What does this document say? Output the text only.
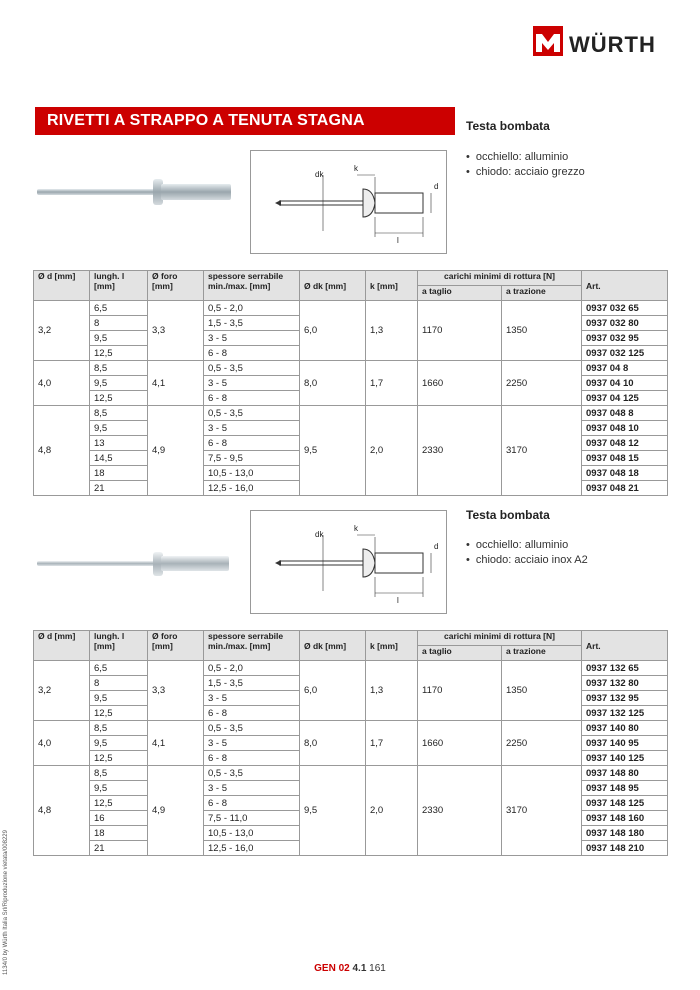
WÜRTH
RIVETTI A STRAPPO A TENUTA STAGNA	Testa bombata
• occhiello: alluminio
• chiodo: acciaio grezzo
dk
k
d
l
Ø d [mm]	lungh. l [mm]	Ø foro [mm]	spessore serrabile min./max. [mm]	Ø dk [mm]	k [mm]	carichi minimi di rottura [N]		Art.
						a taglio	a trazione	
3,2	6,5	3,3	0,5 - 2,0	6,0	1,3	1170	1350	0937 032 65
	8		1,5 - 3,5					0937 032 80
	9,5		3 - 5					0937 032 95
	12,5		6 - 8					0937 032 125
4,0	8,5	4,1	0,5 - 3,5	8,0	1,7	1660	2250	0937 04 8
	9,5		3 - 5					0937 04 10
	12,5		6 - 8					0937 04 125
4,8	8,5	4,9	0,5 - 3,5	9,5	2,0	2330	3170	0937 048 8
	9,5		3 - 5					0937 048 10
	13		6 - 8					0937 048 12
	14,5		7,5 - 9,5					0937 048 15
	18		10,5 - 13,0					0937 048 18
	21		12,5 - 16,0					0937 048 21
Testa bombata
• occhiello: alluminio
• chiodo: acciaio inox A2
dk
k
d
l
Ø d [mm]	lungh. l [mm]	Ø foro [mm]	spessore serrabile min./max. [mm]	Ø dk [mm]	k [mm]	carichi minimi di rottura [N]		Art.
						a taglio	a trazione	
3,2	6,5	3,3	0,5 - 2,0	6,0	1,3	1170	1350	0937 132 65
	8		1,5 - 3,5					0937 132 80
	9,5		3 - 5					0937 132 95
	12,5		6 - 8					0937 132 125
4,0	8,5	4,1	0,5 - 3,5	8,0	1,7	1660	2250	0937 140 80
	9,5		3 - 5					0937 140 95
	12,5		6 - 8					0937 140 125
4,8	8,5	4,9	0,5 - 3,5	9,5	2,0	2330	3170	0937 148 80
	9,5		3 - 5					0937 148 95
	12,5		6 - 8					0937 148 125
	16		7,5 - 11,0					0937 148 160
	18		10,5 - 13,0					0937 148 180
	21		12,5 - 16,0					0937 148 210
1134/0 by Würth Italia Srl/Riproduzione vietata/008229	GEN 02 4.1 161
